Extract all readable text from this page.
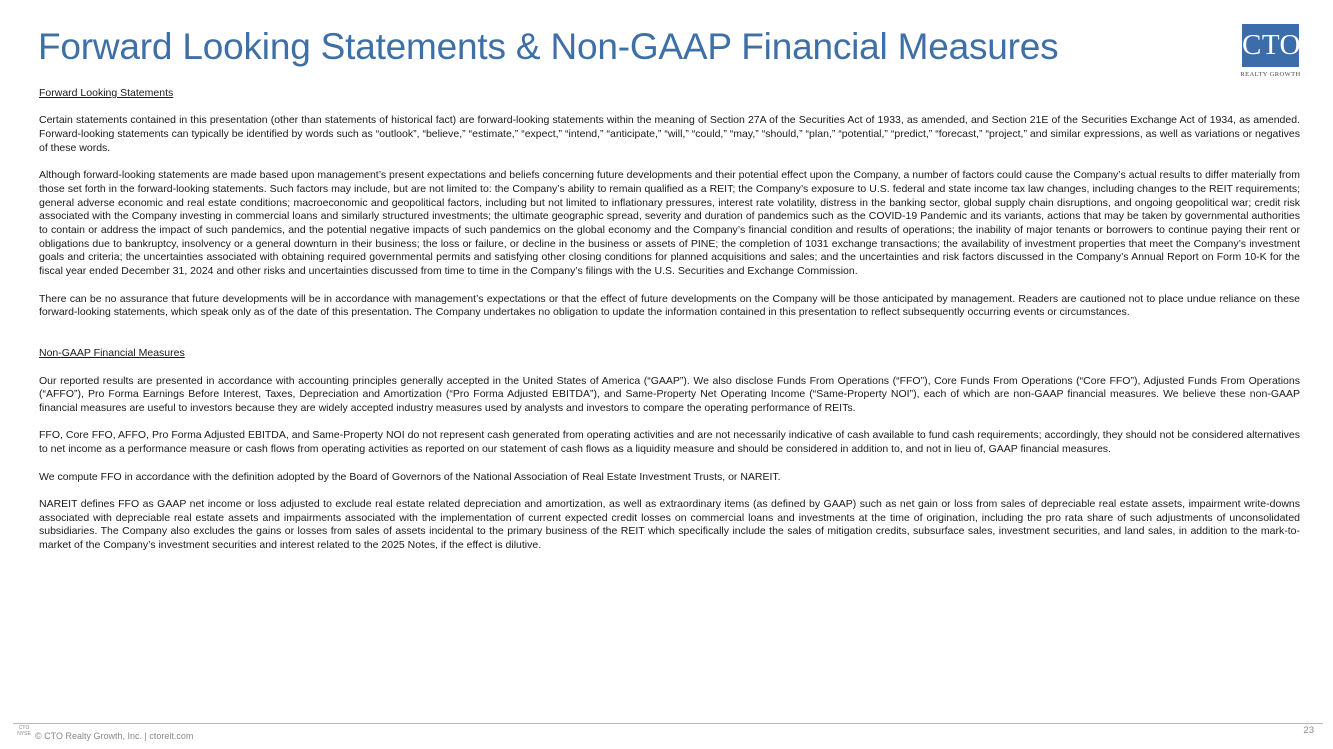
Forward Looking Statements & Non-GAAP Financial Measures	CTO
REALTY GROWTH

Forward Looking Statements

Certain statements contained in this presentation (other than statements of historical fact) are forward-looking statements within the meaning of Section 27A of the Securities Act of 1933, as amended, and Section 21E of the Securities Exchange Act of 1934, as amended. Forward-looking statements can typically be identified by words such as “outlook”, “believe,” “estimate,” “expect,” “intend,” “anticipate,” “will,” “could,” “may,” “should,” “plan,” “potential,” “predict,” “forecast,” “project,” and similar expressions, as well as variations or negatives of these words.

Although forward-looking statements are made based upon management’s present expectations and beliefs concerning future developments and their potential effect upon the Company, a number of factors could cause the Company’s actual results to differ materially from those set forth in the forward-looking statements. Such factors may include, but are not limited to: the Company’s ability to remain qualified as a REIT; the Company’s exposure to U.S. federal and state income tax law changes, including changes to the REIT requirements; general adverse economic and real estate conditions; macroeconomic and geopolitical factors, including but not limited to inflationary pressures, interest rate volatility, distress in the banking sector, global supply chain disruptions, and ongoing geopolitical war; credit risk associated with the Company investing in commercial loans and similarly structured investments; the ultimate geographic spread, severity and duration of pandemics such as the COVID-19 Pandemic and its variants, actions that may be taken by governmental authorities to contain or address the impact of such pandemics, and the potential negative impacts of such pandemics on the global economy and the Company’s financial condition and results of operations; the inability of major tenants or borrowers to continue paying their rent or obligations due to bankruptcy, insolvency or a general downturn in their business; the loss or failure, or decline in the business or assets of PINE; the completion of 1031 exchange transactions; the availability of investment properties that meet the Company’s investment goals and criteria; the uncertainties associated with obtaining required governmental permits and satisfying other closing conditions for planned acquisitions and sales; and the uncertainties and risk factors discussed in the Company’s Annual Report on Form 10-K for the fiscal year ended December 31, 2024 and other risks and uncertainties discussed from time to time in the Company’s filings with the U.S. Securities and Exchange Commission.

There can be no assurance that future developments will be in accordance with management’s expectations or that the effect of future developments on the Company will be those anticipated by management. Readers are cautioned not to place undue reliance on these forward-looking statements, which speak only as of the date of this presentation. The Company undertakes no obligation to update the information contained in this presentation to reflect subsequently occurring events or circumstances.

Non-GAAP Financial Measures

Our reported results are presented in accordance with accounting principles generally accepted in the United States of America (“GAAP”). We also disclose Funds From Operations (“FFO”), Core Funds From Operations (“Core FFO”), Adjusted Funds From Operations (“AFFO”), Pro Forma Earnings Before Interest, Taxes, Depreciation and Amortization (“Pro Forma Adjusted EBITDA”), and Same-Property Net Operating Income (“Same-Property NOI”), each of which are non-GAAP financial measures. We believe these non-GAAP financial measures are useful to investors because they are widely accepted industry measures used by analysts and investors to compare the operating performance of REITs.

FFO, Core FFO, AFFO, Pro Forma Adjusted EBITDA, and Same-Property NOI do not represent cash generated from operating activities and are not necessarily indicative of cash available to fund cash requirements; accordingly, they should not be considered alternatives to net income as a performance measure or cash flows from operating activities as reported on our statement of cash flows as a liquidity measure and should be considered in addition to, and not in lieu of, GAAP financial measures.

We compute FFO in accordance with the definition adopted by the Board of Governors of the National Association of Real Estate Investment Trusts, or NAREIT.

NAREIT defines FFO as GAAP net income or loss adjusted to exclude real estate related depreciation and amortization, as well as extraordinary items (as defined by GAAP) such as net gain or loss from sales of depreciable real estate assets, impairment write-downs associated with depreciable real estate assets and impairments associated with the implementation of current expected credit losses on commercial loans and investments at the time of origination, including the pro rata share of such adjustments of unconsolidated subsidiaries. The Company also excludes the gains or losses from sales of assets incidental to the primary business of the REIT which specifically include the sales of mitigation credits, subsurface sales, investment securities, and land sales, in addition to the mark-to-market of the Company’s investment securities and interest related to the 2025 Notes, if the effect is dilutive.

CTO
NYSE © CTO Realty Growth, Inc. | ctoreit.com	23
